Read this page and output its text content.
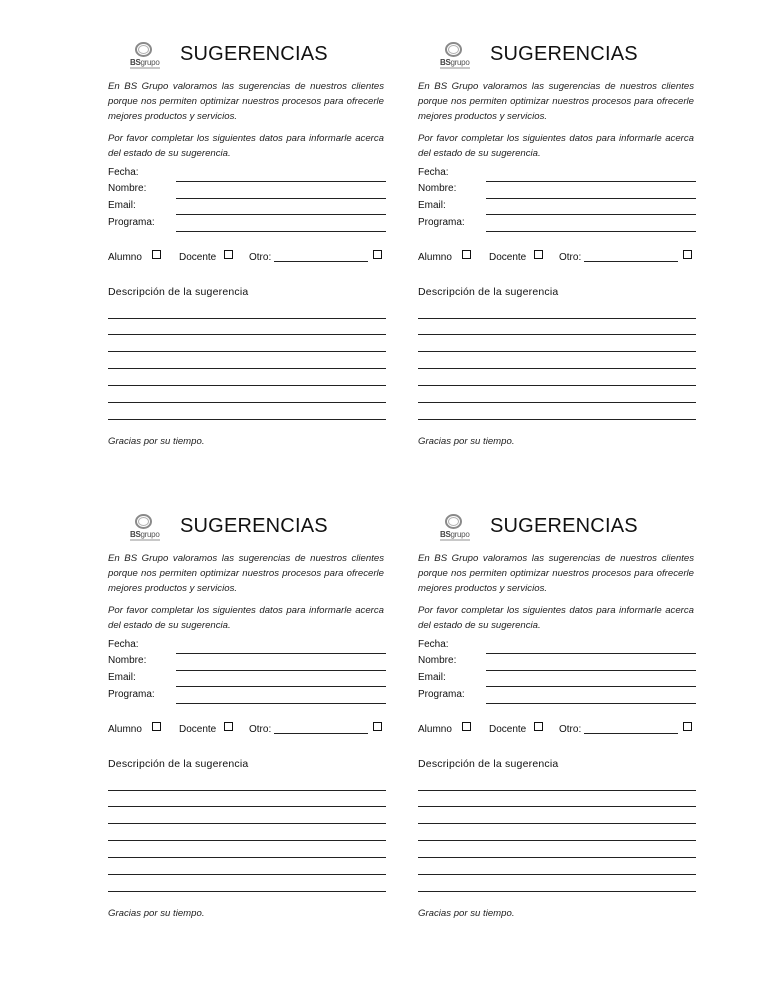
BSgrupo SUGERENCIAS
En BS Grupo valoramos las sugerencias de nuestros clientes porque nos permiten optimizar nuestros procesos para ofrecerle mejores productos y servicios.
Por favor completar los siguientes datos para informarle acerca del estado de su sugerencia.
Fecha:
Nombre:
Email:
Programa:
Alumno	Docente	Otro:
Descripción de la sugerencia
Gracias por su tiempo.
BSgrupo SUGERENCIAS
En BS Grupo valoramos las sugerencias de nuestros clientes porque nos permiten optimizar nuestros procesos para ofrecerle mejores productos y servicios.
Por favor completar los siguientes datos para informarle acerca del estado de su sugerencia.
Fecha:
Nombre:
Email:
Programa:
Alumno	Docente	Otro:
Descripción de la sugerencia
Gracias por su tiempo.
BSgrupo SUGERENCIAS
En BS Grupo valoramos las sugerencias de nuestros clientes porque nos permiten optimizar nuestros procesos para ofrecerle mejores productos y servicios.
Por favor completar los siguientes datos para informarle acerca del estado de su sugerencia.
Fecha:
Nombre:
Email:
Programa:
Alumno	Docente	Otro:
Descripción de la sugerencia
Gracias por su tiempo.
BSgrupo SUGERENCIAS
En BS Grupo valoramos las sugerencias de nuestros clientes porque nos permiten optimizar nuestros procesos para ofrecerle mejores productos y servicios.
Por favor completar los siguientes datos para informarle acerca del estado de su sugerencia.
Fecha:
Nombre:
Email:
Programa:
Alumno	Docente	Otro:
Descripción de la sugerencia
Gracias por su tiempo.
